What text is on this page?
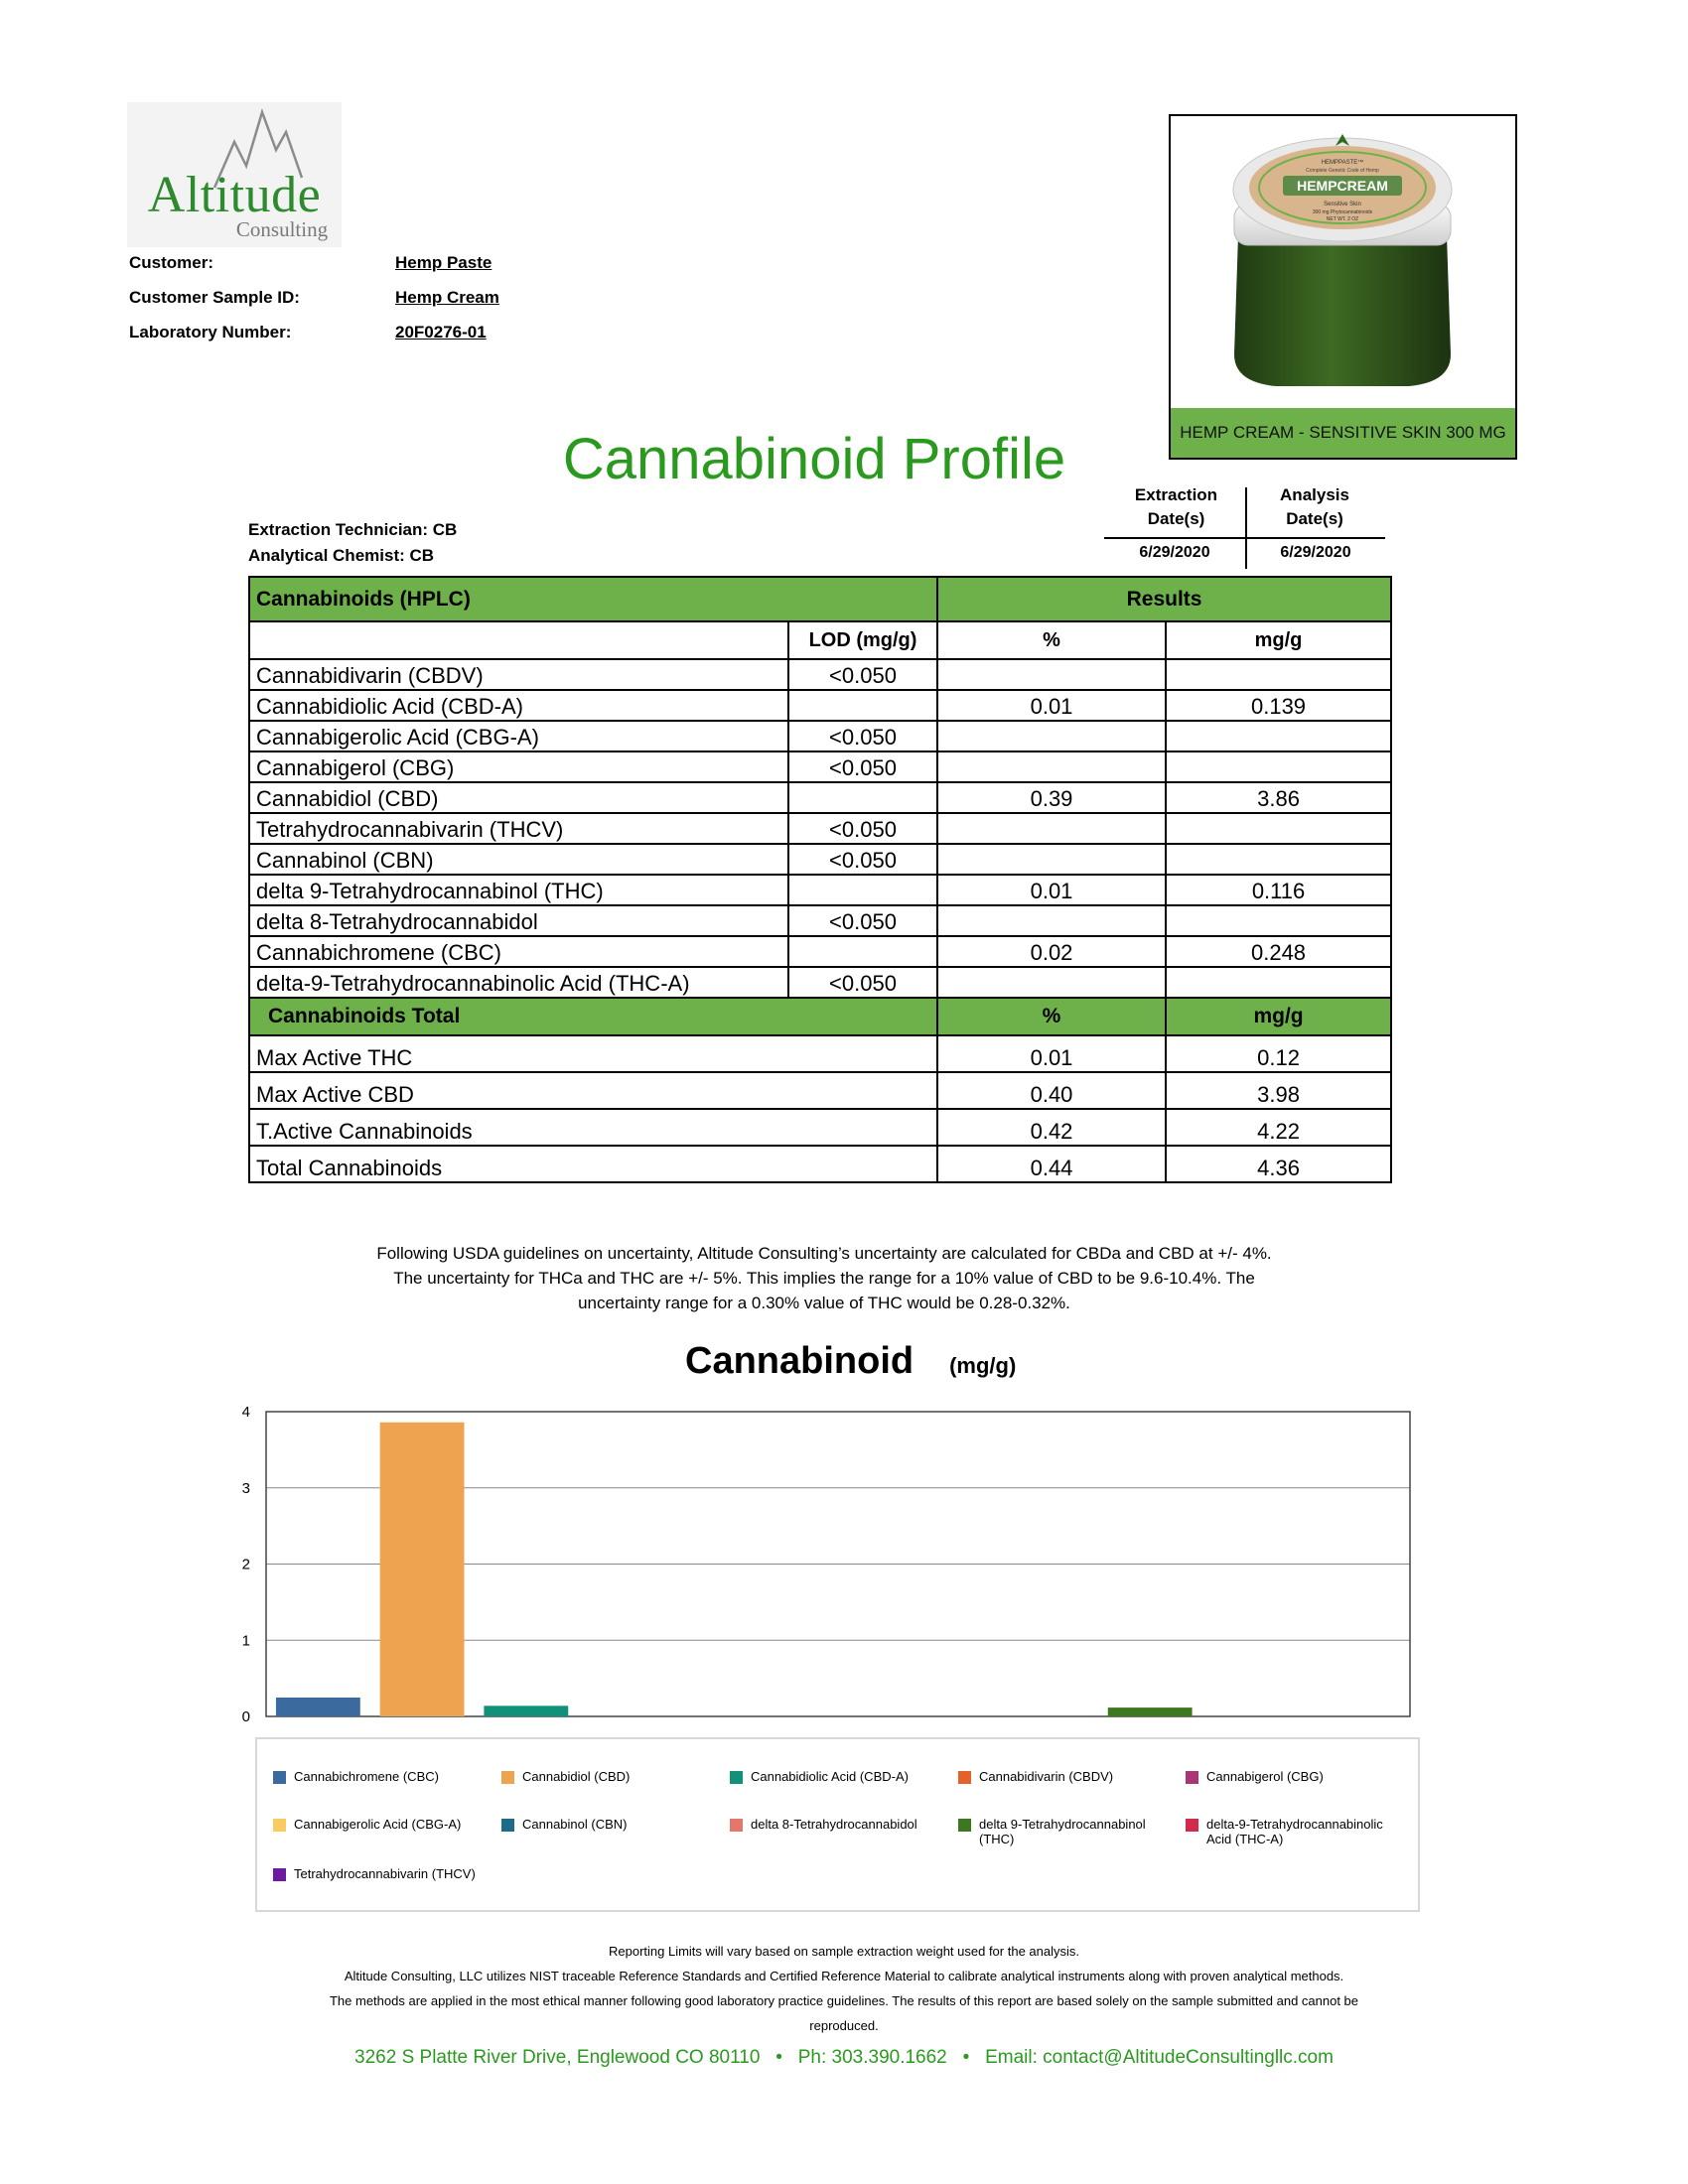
Altitude
Consulting
Customer:	Hemp Paste
Customer Sample ID:	Hemp Cream
Laboratory Number:	20F0276-01
HEMPPASTE™
Complete Genetic Code of Hemp
HEMPCREAM
Sensitive Skin
300 mg Phytocannabinoids
NET WT. 2 OZ
HEMP CREAM - SENSITIVE SKIN 300 MG
Cannabinoid Profile
Extraction Technician: CB
Analytical Chemist: CB
Extraction
Date(s)
Analysis
Date(s)
6/29/2020	6/29/2020
Cannabinoids (HPLC)		Results	
	LOD (mg/g)	%	mg/g
Cannabidivarin (CBDV)	<0.050		
Cannabidiolic Acid (CBD-A)		0.01	0.139
Cannabigerolic Acid (CBG-A)	<0.050		
Cannabigerol (CBG)	<0.050		
Cannabidiol (CBD)		0.39	3.86
Tetrahydrocannabivarin (THCV)	<0.050		
Cannabinol (CBN)	<0.050		
delta 9-Tetrahydrocannabinol (THC)		0.01	0.116
delta 8-Tetrahydrocannabidol	<0.050		
Cannabichromene (CBC)		0.02	0.248
delta-9-Tetrahydrocannabinolic Acid (THC-A)	<0.050		
Cannabinoids Total		%	mg/g
Max Active THC		0.01	0.12
Max Active CBD		0.40	3.98
T.Active Cannabinoids		0.42	4.22
Total Cannabinoids		0.44	4.36
Following USDA guidelines on uncertainty, Altitude Consulting’s uncertainty are calculated for CBDa and CBD at +/- 4%.
The uncertainty for THCa and THC are +/- 5%. This implies the range for a 10% value of CBD to be 9.6-10.4%. The
uncertainty range for a 0.30% value of THC would be 0.28-0.32%.
Cannabinoid (mg/g)
0
1
2
3
4
Cannabichromene (CBC)	Cannabidiol (CBD)	Cannabidiolic Acid (CBD-A)	Cannabidivarin (CBDV)	Cannabigerol (CBG)
Cannabigerolic Acid (CBG-A)	Cannabinol (CBN)	delta 8-Tetrahydrocannabidol	delta 9-Tetrahydrocannabinol (THC)
delta-9-Tetrahydrocannabinolic Acid (THC-A)
Tetrahydrocannabivarin (THCV)
Reporting Limits will vary based on sample extraction weight used for the analysis.
Altitude Consulting, LLC utilizes NIST traceable Reference Standards and Certified Reference Material to calibrate analytical instruments along with proven analytical methods.
The methods are applied in the most ethical manner following good laboratory practice guidelines. The results of this report are based solely on the sample submitted and cannot be
reproduced.
3262 S Platte River Drive, Englewood CO 80110   •   Ph: 303.390.1662   •   Email: contact@AltitudeConsultingllc.com
